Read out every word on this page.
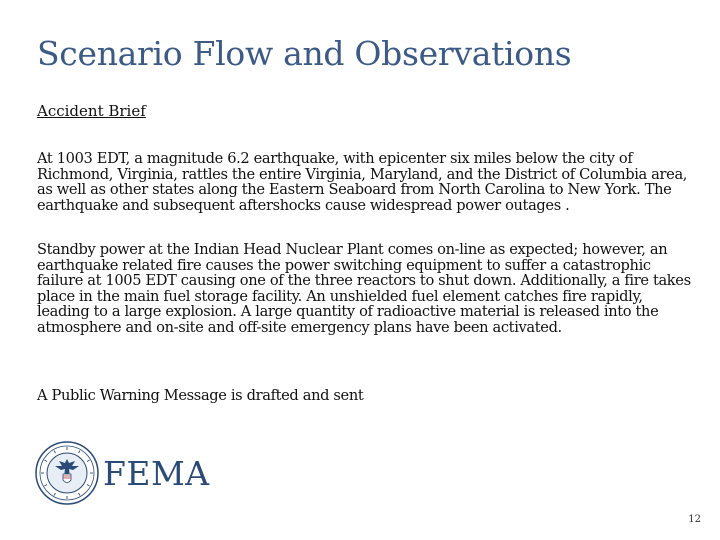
Scenario Flow and Observations
Accident Brief

At 1003 EDT, a magnitude 6.2 earthquake, with epicenter six miles below the city of Richmond, Virginia, rattles the entire Virginia, Maryland, and the District of Columbia area, as well as other states along the Eastern Seaboard from North Carolina to New York. The earthquake and subsequent aftershocks cause widespread power outages .

Standby power at the Indian Head Nuclear Plant comes on-line as expected; however, an earthquake related fire causes the power switching equipment to suffer a catastrophic failure at 1005 EDT causing one of the three reactors to shut down. Additionally, a fire takes place in the main fuel storage facility. An unshielded fuel element catches fire rapidly, leading to a large explosion. A large quantity of radioactive material is released into the atmosphere and on-site and off-site emergency plans have been activated.

A Public Warning Message is drafted and sent

FEMA
12
